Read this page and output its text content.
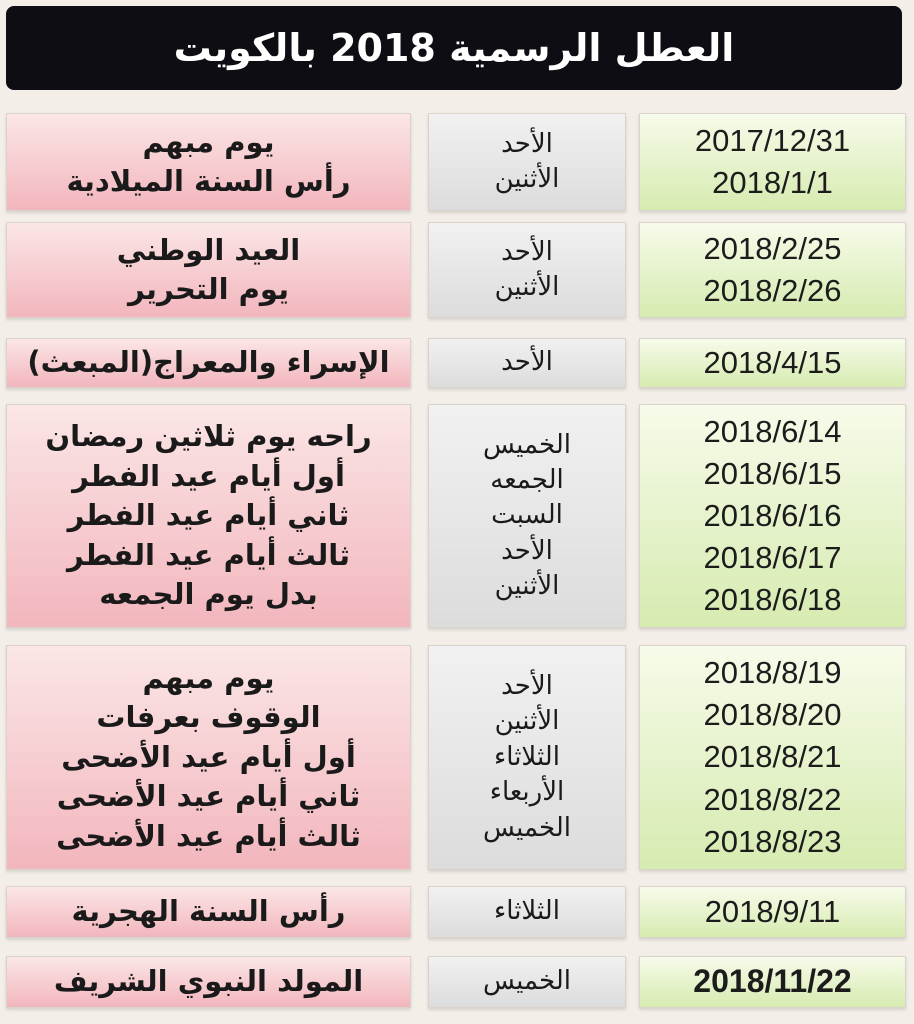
العطل الرسمية 2018 بالكويت
2017/12/31
2018/1/1
الأحد
الأثنين
يوم مبهم
رأس السنة الميلادية
2018/2/25
2018/2/26
الأحد
الأثنين
العيد الوطني
يوم التحرير
2018/4/15
الأحد
الإسراء والمعراج(المبعث)
2018/6/14
2018/6/15
2018/6/16
2018/6/17
2018/6/18
الخميس
الجمعه
السبت
الأحد
الأثنين
راحه يوم ثلاثين رمضان
أول أيام عيد الفطر
ثاني أيام عيد الفطر
ثالث أيام عيد الفطر
بدل يوم الجمعه
2018/8/19
2018/8/20
2018/8/21
2018/8/22
2018/8/23
الأحد
الأثنين
الثلاثاء
الأربعاء
الخميس
يوم مبهم
الوقوف بعرفات
أول أيام عيد الأضحى
ثاني أيام عيد الأضحى
ثالث أيام عيد الأضحى
2018/9/11
الثلاثاء
رأس السنة الهجرية
2018/11/22
الخميس
المولد النبوي الشريف
